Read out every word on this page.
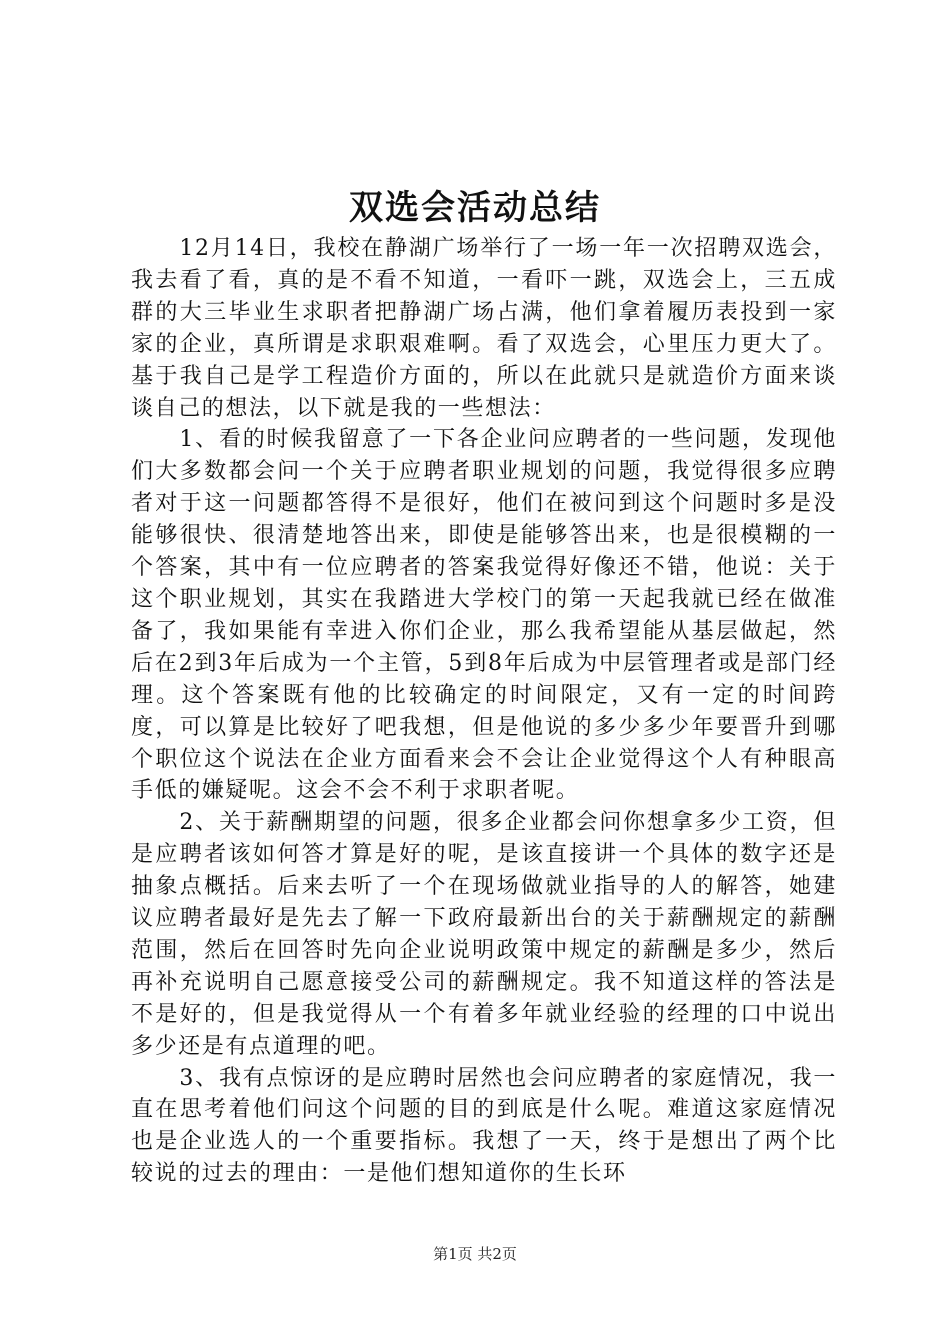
双选会活动总结

12月14日，我校在静湖广场举行了一场一年一次招聘双选会，我去看了看，真的是不看不知道，一看吓一跳，双选会上，三五成群的大三毕业生求职者把静湖广场占满，他们拿着履历表投到一家家的企业，真所谓是求职艰难啊。看了双选会，心里压力更大了。基于我自己是学工程造价方面的，所以在此就只是就造价方面来谈谈自己的想法，以下就是我的一些想法：

1、看的时候我留意了一下各企业问应聘者的一些问题，发现他们大多数都会问一个关于应聘者职业规划的问题，我觉得很多应聘者对于这一问题都答得不是很好，他们在被问到这个问题时多是没能够很快、很清楚地答出来，即使是能够答出来，也是很模糊的一个答案，其中有一位应聘者的答案我觉得好像还不错，他说：关于这个职业规划，其实在我踏进大学校门的第一天起我就已经在做准备了，我如果能有幸进入你们企业，那么我希望能从基层做起，然后在2到3年后成为一个主管，5到8年后成为中层管理者或是部门经理。这个答案既有他的比较确定的时间限定，又有一定的时间跨度，可以算是比较好了吧我想，但是他说的多少多少年要晋升到哪个职位这个说法在企业方面看来会不会让企业觉得这个人有种眼高手低的嫌疑呢。这会不会不利于求职者呢。

2、关于薪酬期望的问题，很多企业都会问你想拿多少工资，但是应聘者该如何答才算是好的呢，是该直接讲一个具体的数字还是抽象点概括。后来去听了一个在现场做就业指导的人的解答，她建议应聘者最好是先去了解一下政府最新出台的关于薪酬规定的薪酬范围，然后在回答时先向企业说明政策中规定的薪酬是多少，然后再补充说明自己愿意接受公司的薪酬规定。我不知道这样的答法是不是好的，但是我觉得从一个有着多年就业经验的经理的口中说出多少还是有点道理的吧。

3、我有点惊讶的是应聘时居然也会问应聘者的家庭情况，我一直在思考着他们问这个问题的目的到底是什么呢。难道这家庭情况也是企业选人的一个重要指标。我想了一天，终于是想出了两个比较说的过去的理由：一是他们想知道你的生长环

第1页 共2页
